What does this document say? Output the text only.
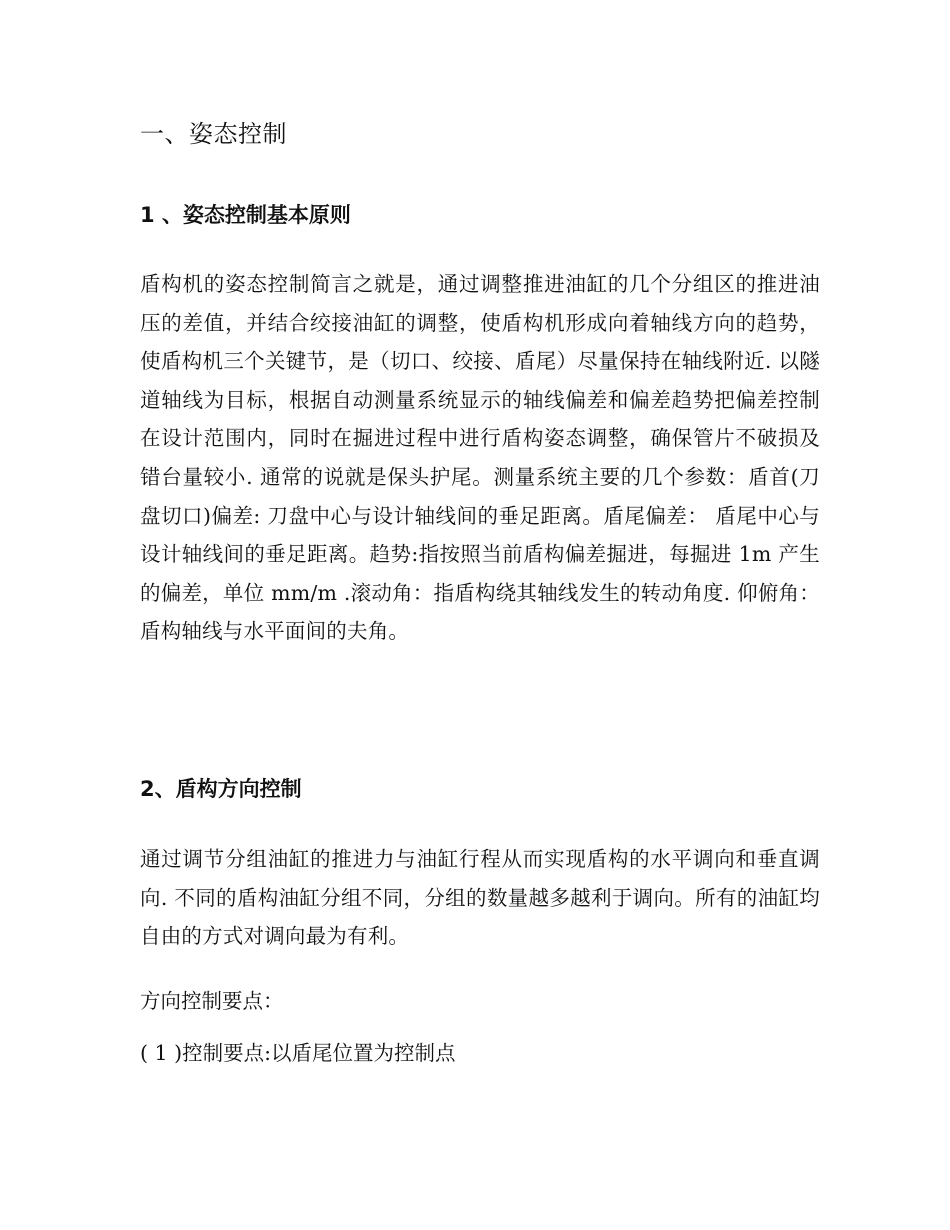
一、姿态控制
1 、姿态控制基本原则

盾构机的姿态控制简言之就是，通过调整推进油缸的几个分组区的推进油压的差值，并结合绞接油缸的调整，使盾构机形成向着轴线方向的趋势，使盾构机三个关键节，是（切口、绞接、盾尾）尽量保持在轴线附近. 以隧道轴线为目标，根据自动测量系统显示的轴线偏差和偏差趋势把偏差控制在设计范围内，同时在掘进过程中进行盾构姿态调整，确保管片不破损及错台量较小. 通常的说就是保头护尾。测量系统主要的几个参数：盾首(刀盘切口)偏差: 刀盘中心与设计轴线间的垂足距离。盾尾偏差： 盾尾中心与设计轴线间的垂足距离。趋势:指按照当前盾构偏差掘进，每掘进 1m 产生的偏差，单位 mm/m .滚动角：指盾构绕其轴线发生的转动角度. 仰俯角：盾构轴线与水平面间的夫角。

2、盾构方向控制

通过调节分组油缸的推进力与油缸行程从而实现盾构的水平调向和垂直调向. 不同的盾构油缸分组不同，分组的数量越多越利于调向。所有的油缸均自由的方式对调向最为有利。

方向控制要点：
( 1 )控制要点:以盾尾位置为控制点
